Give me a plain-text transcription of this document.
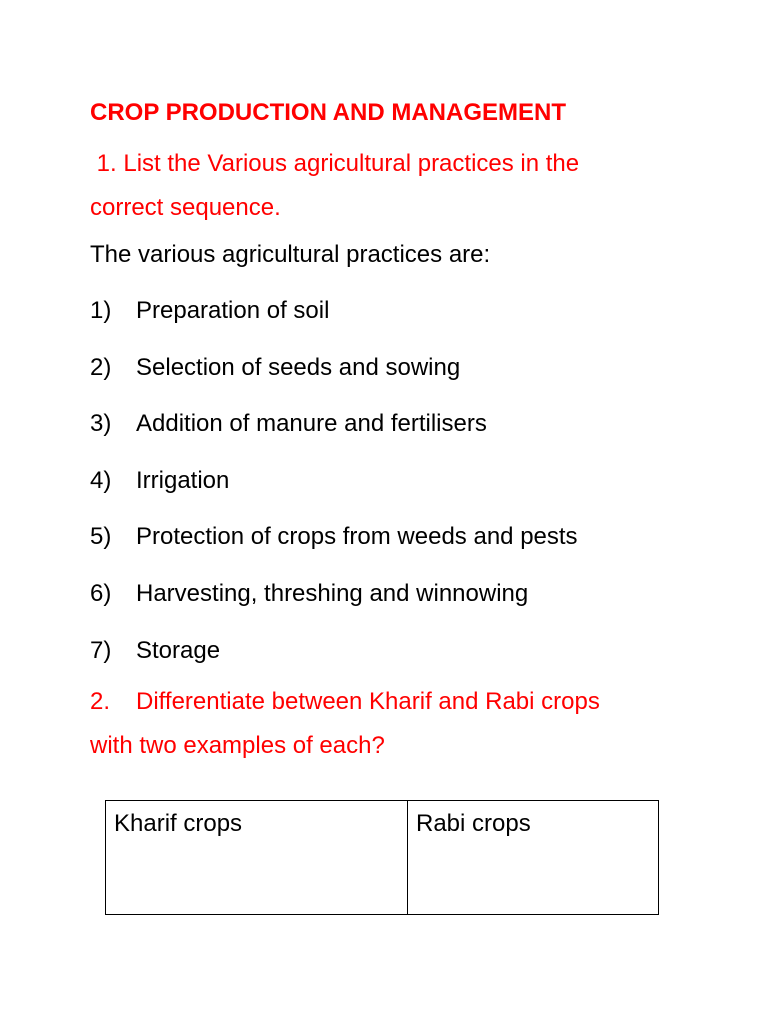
CROP PRODUCTION AND MANAGEMENT
1. List the Various agricultural practices in the
correct sequence.

The various agricultural practices are:

1)	Preparation of soil
2)	Selection of seeds and sowing
3)	Addition of manure and fertilisers
4)	Irrigation
5)	Protection of crops from weeds and pests
6)	Harvesting, threshing and winnowing
7)	Storage
2. Differentiate between Kharif and Rabi crops
with two examples of each?
Kharif crops	Rabi crops
